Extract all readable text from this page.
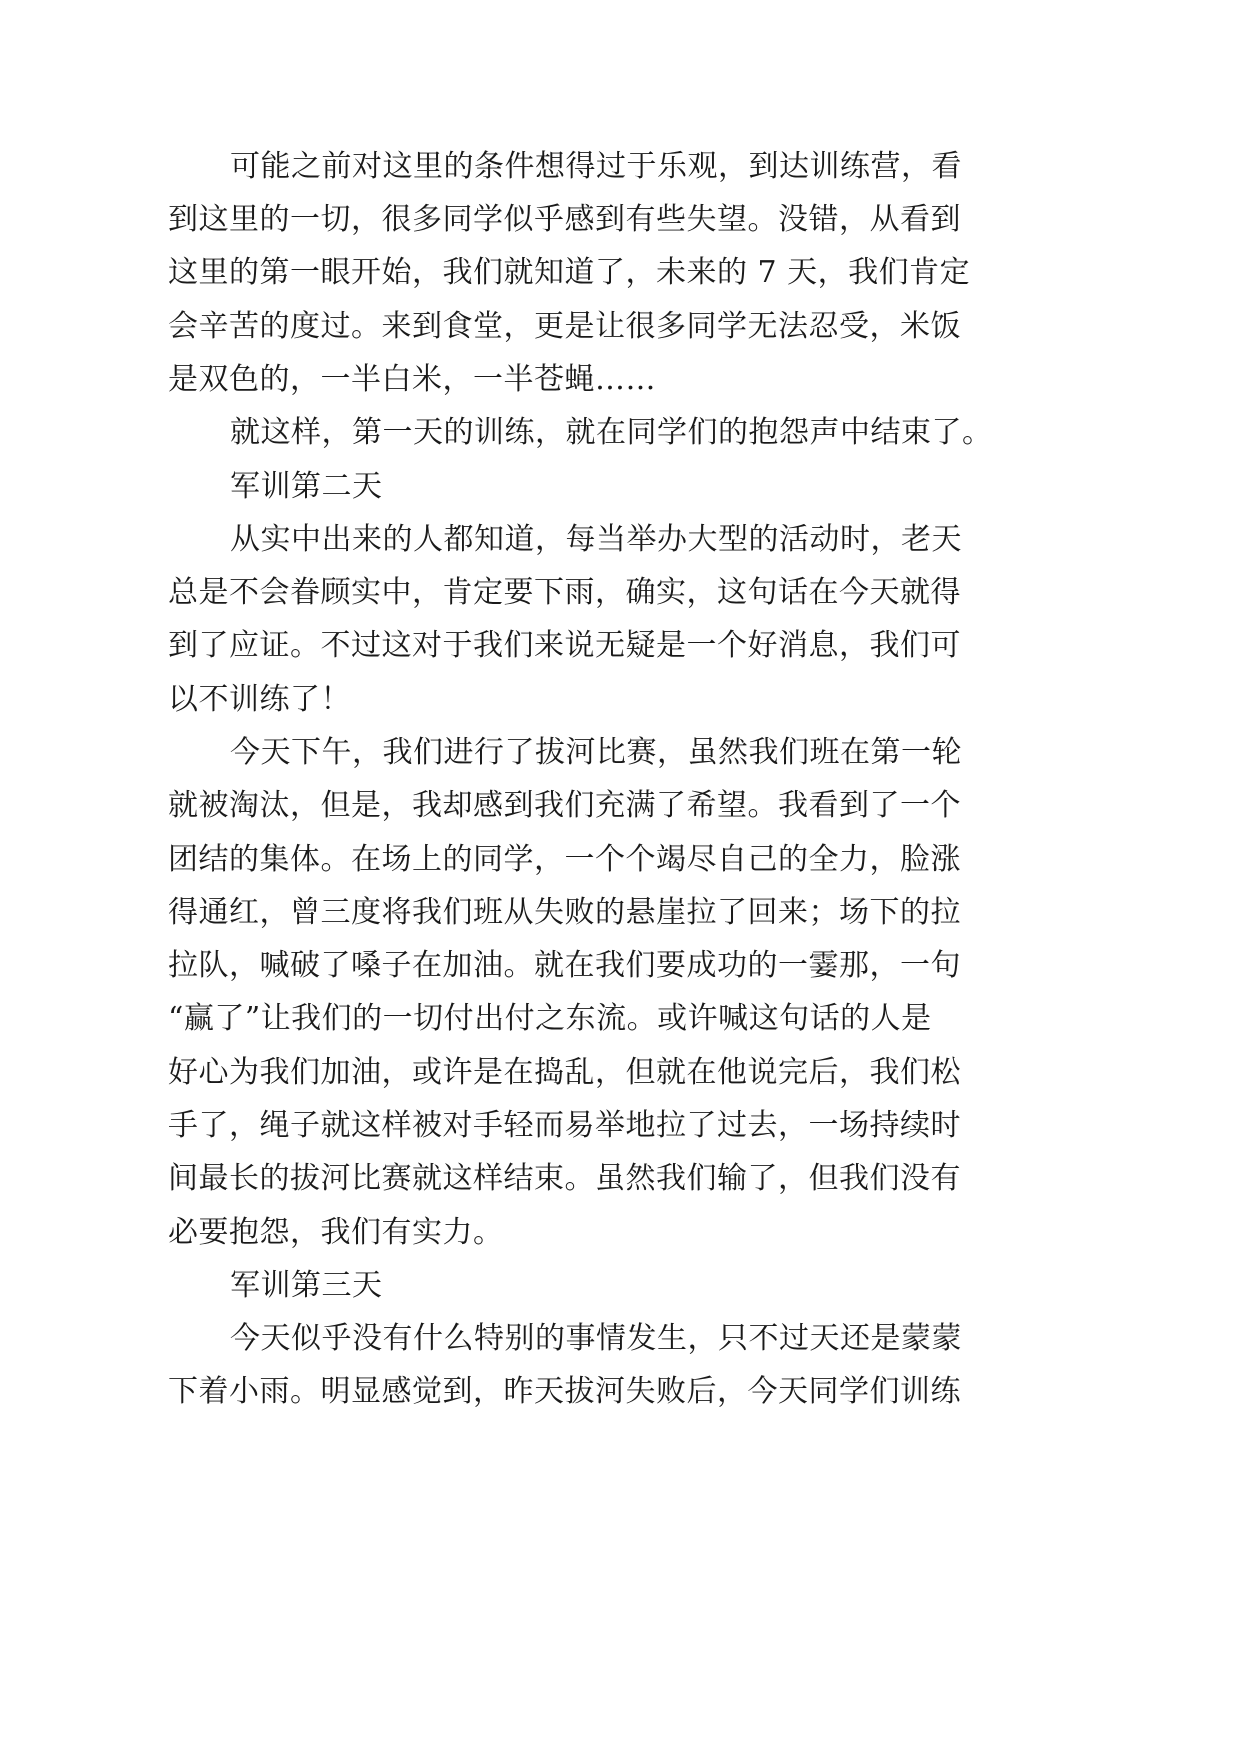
可能之前对这里的条件想得过于乐观，到达训练营，看
到这里的一切，很多同学似乎感到有些失望。没错，从看到
这里的第一眼开始，我们就知道了，未来的 7 天，我们肯定
会辛苦的度过。来到食堂，更是让很多同学无法忍受，米饭
是双色的，一半白米，一半苍蝇……
就这样，第一天的训练，就在同学们的抱怨声中结束了。
军训第二天
从实中出来的人都知道，每当举办大型的活动时，老天
总是不会眷顾实中，肯定要下雨，确实，这句话在今天就得
到了应证。不过这对于我们来说无疑是一个好消息，我们可
以不训练了！
今天下午，我们进行了拔河比赛，虽然我们班在第一轮
就被淘汰，但是，我却感到我们充满了希望。我看到了一个
团结的集体。在场上的同学，一个个竭尽自己的全力，脸涨
得通红，曾三度将我们班从失败的悬崖拉了回来；场下的拉
拉队，喊破了嗓子在加油。就在我们要成功的一霎那，一句
“赢了”让我们的一切付出付之东流。或许喊这句话的人是
好心为我们加油，或许是在捣乱，但就在他说完后，我们松
手了，绳子就这样被对手轻而易举地拉了过去，一场持续时
间最长的拔河比赛就这样结束。虽然我们输了，但我们没有
必要抱怨，我们有实力。
军训第三天
今天似乎没有什么特别的事情发生，只不过天还是蒙蒙
下着小雨。明显感觉到，昨天拔河失败后，今天同学们训练
